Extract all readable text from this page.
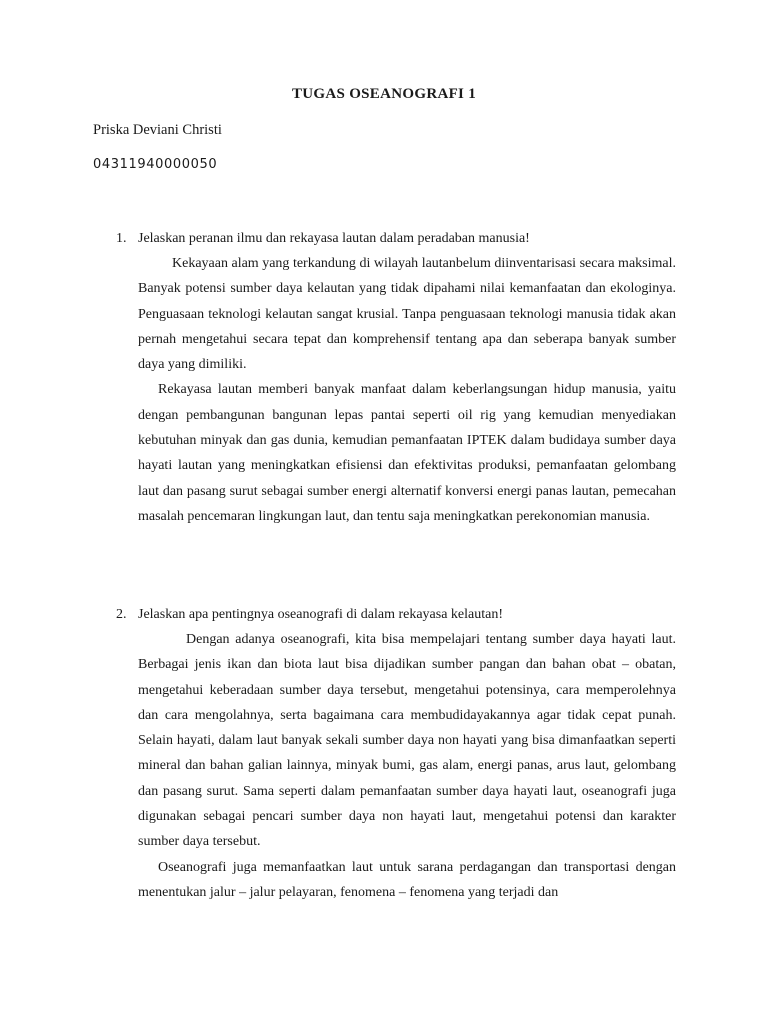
TUGAS OSEANOGRAFI 1
Priska Deviani Christi
04311940000050
1. Jelaskan peranan ilmu dan rekayasa lautan dalam peradaban manusia!

Kekayaan alam yang terkandung di wilayah lautanbelum diinventarisasi secara maksimal. Banyak potensi sumber daya kelautan yang tidak dipahami nilai kemanfaatan dan ekologinya. Penguasaan teknologi kelautan sangat krusial. Tanpa penguasaan teknologi manusia tidak akan pernah mengetahui secara tepat dan komprehensif tentang apa dan seberapa banyak sumber daya yang dimiliki.

Rekayasa lautan memberi banyak manfaat dalam keberlangsungan hidup manusia, yaitu dengan pembangunan bangunan lepas pantai seperti oil rig yang kemudian menyediakan kebutuhan minyak dan gas dunia, kemudian pemanfaatan IPTEK dalam budidaya sumber daya hayati lautan yang meningkatkan efisiensi dan efektivitas produksi, pemanfaatan gelombang laut dan pasang surut sebagai sumber energi alternatif konversi energi panas lautan, pemecahan masalah pencemaran lingkungan laut, dan tentu saja meningkatkan perekonomian manusia.

2. Jelaskan apa pentingnya oseanografi di dalam rekayasa kelautan!

Dengan adanya oseanografi, kita bisa mempelajari tentang sumber daya hayati laut. Berbagai jenis ikan dan biota laut bisa dijadikan sumber pangan dan bahan obat – obatan, mengetahui keberadaan sumber daya tersebut, mengetahui potensinya, cara memperolehnya dan cara mengolahnya, serta bagaimana cara membudidayakannya agar tidak cepat punah. Selain hayati, dalam laut banyak sekali sumber daya non hayati yang bisa dimanfaatkan seperti mineral dan bahan galian lainnya, minyak bumi, gas alam, energi panas, arus laut, gelombang dan pasang surut. Sama seperti dalam pemanfaatan sumber daya hayati laut, oseanografi juga digunakan sebagai pencari sumber daya non hayati laut, mengetahui potensi dan karakter sumber daya tersebut.

Oseanografi juga memanfaatkan laut untuk sarana perdagangan dan transportasi dengan menentukan jalur – jalur pelayaran, fenomena – fenomena yang terjadi dan
